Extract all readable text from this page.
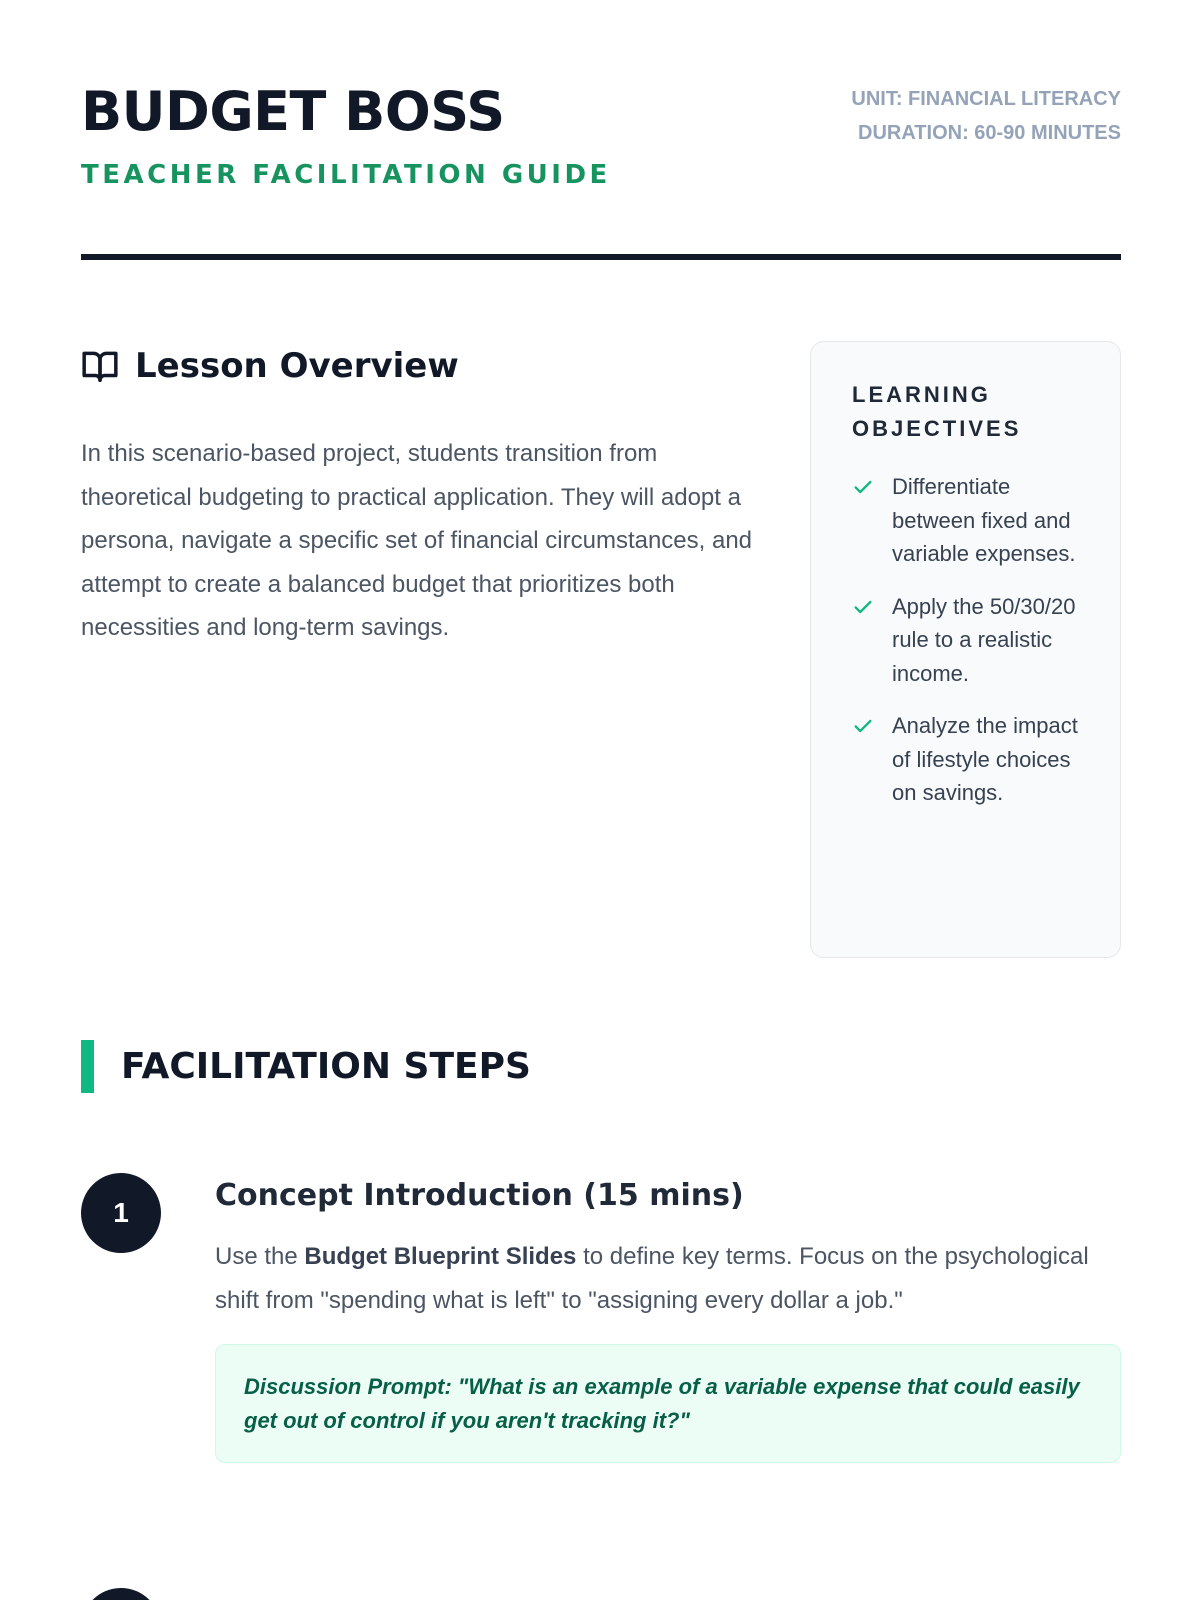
BUDGET BOSS
TEACHER FACILITATION GUIDE
UNIT: FINANCIAL LITERACY
DURATION: 60-90 MINUTES
Lesson Overview

In this scenario-based project, students transition from theoretical budgeting to practical application. They will adopt a persona, navigate a specific set of financial circumstances, and attempt to create a balanced budget that prioritizes both necessities and long-term savings.

LEARNING OBJECTIVES
Differentiate between fixed and variable expenses.
Apply the 50/30/20 rule to a realistic income.
Analyze the impact of lifestyle choices on savings.
FACILITATION STEPS
1	Concept Introduction (15 mins)

Use the Budget Blueprint Slides to define key terms. Focus on the psychological shift from "spending what is left" to "assigning every dollar a job."

Discussion Prompt: "What is an example of a variable expense that could easily get out of control if you aren't tracking it?"
